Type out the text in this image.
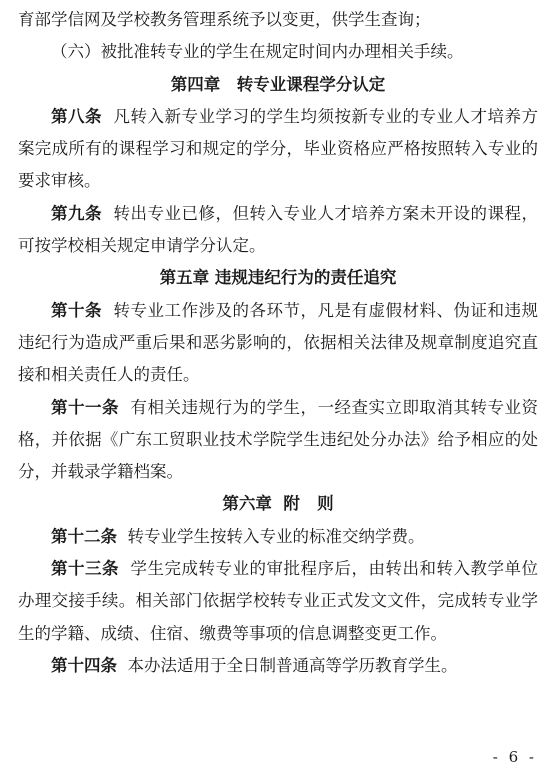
育部学信网及学校教务管理系统予以变更，供学生查询；

（六）被批准转专业的学生在规定时间内办理相关手续。

第四章 转专业课程学分认定

第八条 凡转入新专业学习的学生均须按新专业的专业人才培养方案完成所有的课程学习和规定的学分，毕业资格应严格按照转入专业的要求审核。

第九条 转出专业已修，但转入专业人才培养方案未开设的课程，可按学校相关规定申请学分认定。

第五章 违规违纪行为的责任追究

第十条 转专业工作涉及的各环节，凡是有虚假材料、伪证和违规违纪行为造成严重后果和恶劣影响的，依据相关法律及规章制度追究直接和相关责任人的责任。

第十一条 有相关违规行为的学生，一经查实立即取消其转专业资格，并依据《广东工贸职业技术学院学生违纪处分办法》给予相应的处分，并载录学籍档案。

第六章 附 则

第十二条 转专业学生按转入专业的标准交纳学费。

第十三条 学生完成转专业的审批程序后，由转出和转入教学单位办理交接手续。相关部门依据学校转专业正式发文文件，完成转专业学生的学籍、成绩、住宿、缴费等事项的信息调整变更工作。

第十四条 本办法适用于全日制普通高等学历教育学生。

- 6 -
